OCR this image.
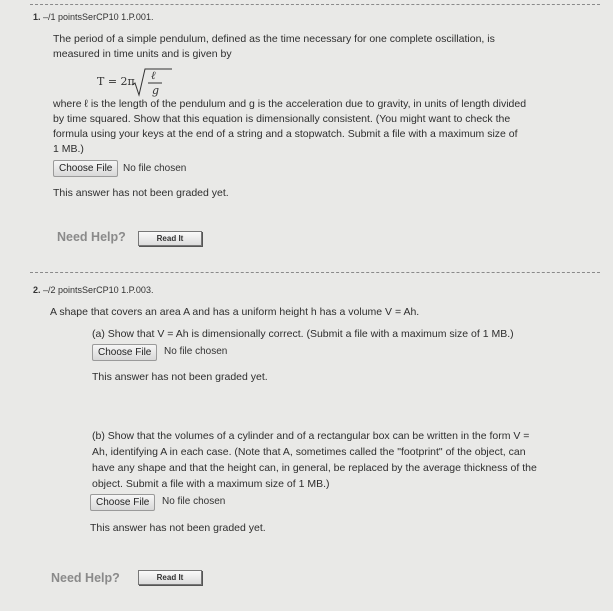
1. –/1 pointsSerCP10 1.P.001.
The period of a simple pendulum, defined as the time necessary for one complete oscillation, is
measured in time units and is given by
T = 2π ℓ
g
where ℓ is the length of the pendulum and g is the acceleration due to gravity, in units of length divided
by time squared. Show that this equation is dimensionally consistent. (You might want to check the
formula using your keys at the end of a string and a stopwatch. Submit a file with a maximum size of
1 MB.)
Choose File	No file chosen
This answer has not been graded yet.
Need Help?	Read It
2. –/2 pointsSerCP10 1.P.003.
A shape that covers an area A and has a uniform height h has a volume V = Ah.
(a) Show that V = Ah is dimensionally correct. (Submit a file with a maximum size of 1 MB.)
Choose File	No file chosen
This answer has not been graded yet.
(b) Show that the volumes of a cylinder and of a rectangular box can be written in the form V =
Ah, identifying A in each case. (Note that A, sometimes called the "footprint" of the object, can
have any shape and that the height can, in general, be replaced by the average thickness of the
object. Submit a file with a maximum size of 1 MB.)
Choose File	No file chosen
This answer has not been graded yet.
Need Help?	Read It
